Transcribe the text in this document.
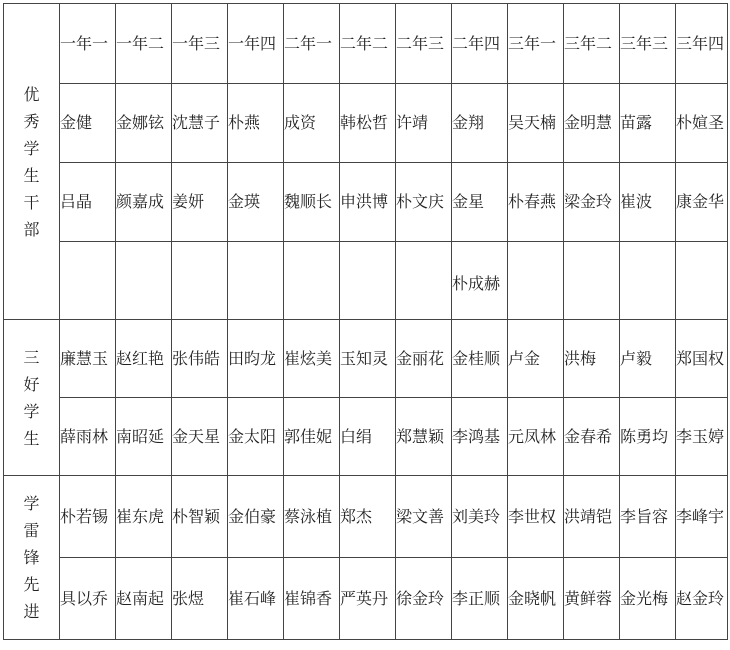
优秀学生干部	一年一	一年二	一年三	一年四	二年一	二年二	二年三	二年四	三年一	三年二	三年三	三年四
	金健	金娜铉	沈慧子	朴燕	成资	韩松哲	许靖	金翔	吴天楠	金明慧	苗露	朴媗圣
	吕晶	颜嘉成	姜妍	金瑛	魏顺长	申洪博	朴文庆	金星	朴春燕	梁金玲	崔波	康金华
								朴成赫				
三好学生	廉慧玉	赵红艳	张伟皓	田昀龙	崔炫美	玉知灵	金丽花	金桂顺	卢金	洪梅	卢毅	郑国权
	薛雨林	南昭延	金天星	金太阳	郭佳妮	白绢	郑慧颖	李鸿基	元凤林	金春希	陈勇均	李玉婷
学雷锋先进	朴若锡	崔东虎	朴智颖	金伯豪	蔡泳植	郑杰	梁文善	刘美玲	李世权	洪靖铠	李旨容	李峰宇
	具以乔	赵南起	张煜	崔石峰	崔锦香	严英丹	徐金玲	李正顺	金晓帆	黄鲜蓉	金光梅	赵金玲
